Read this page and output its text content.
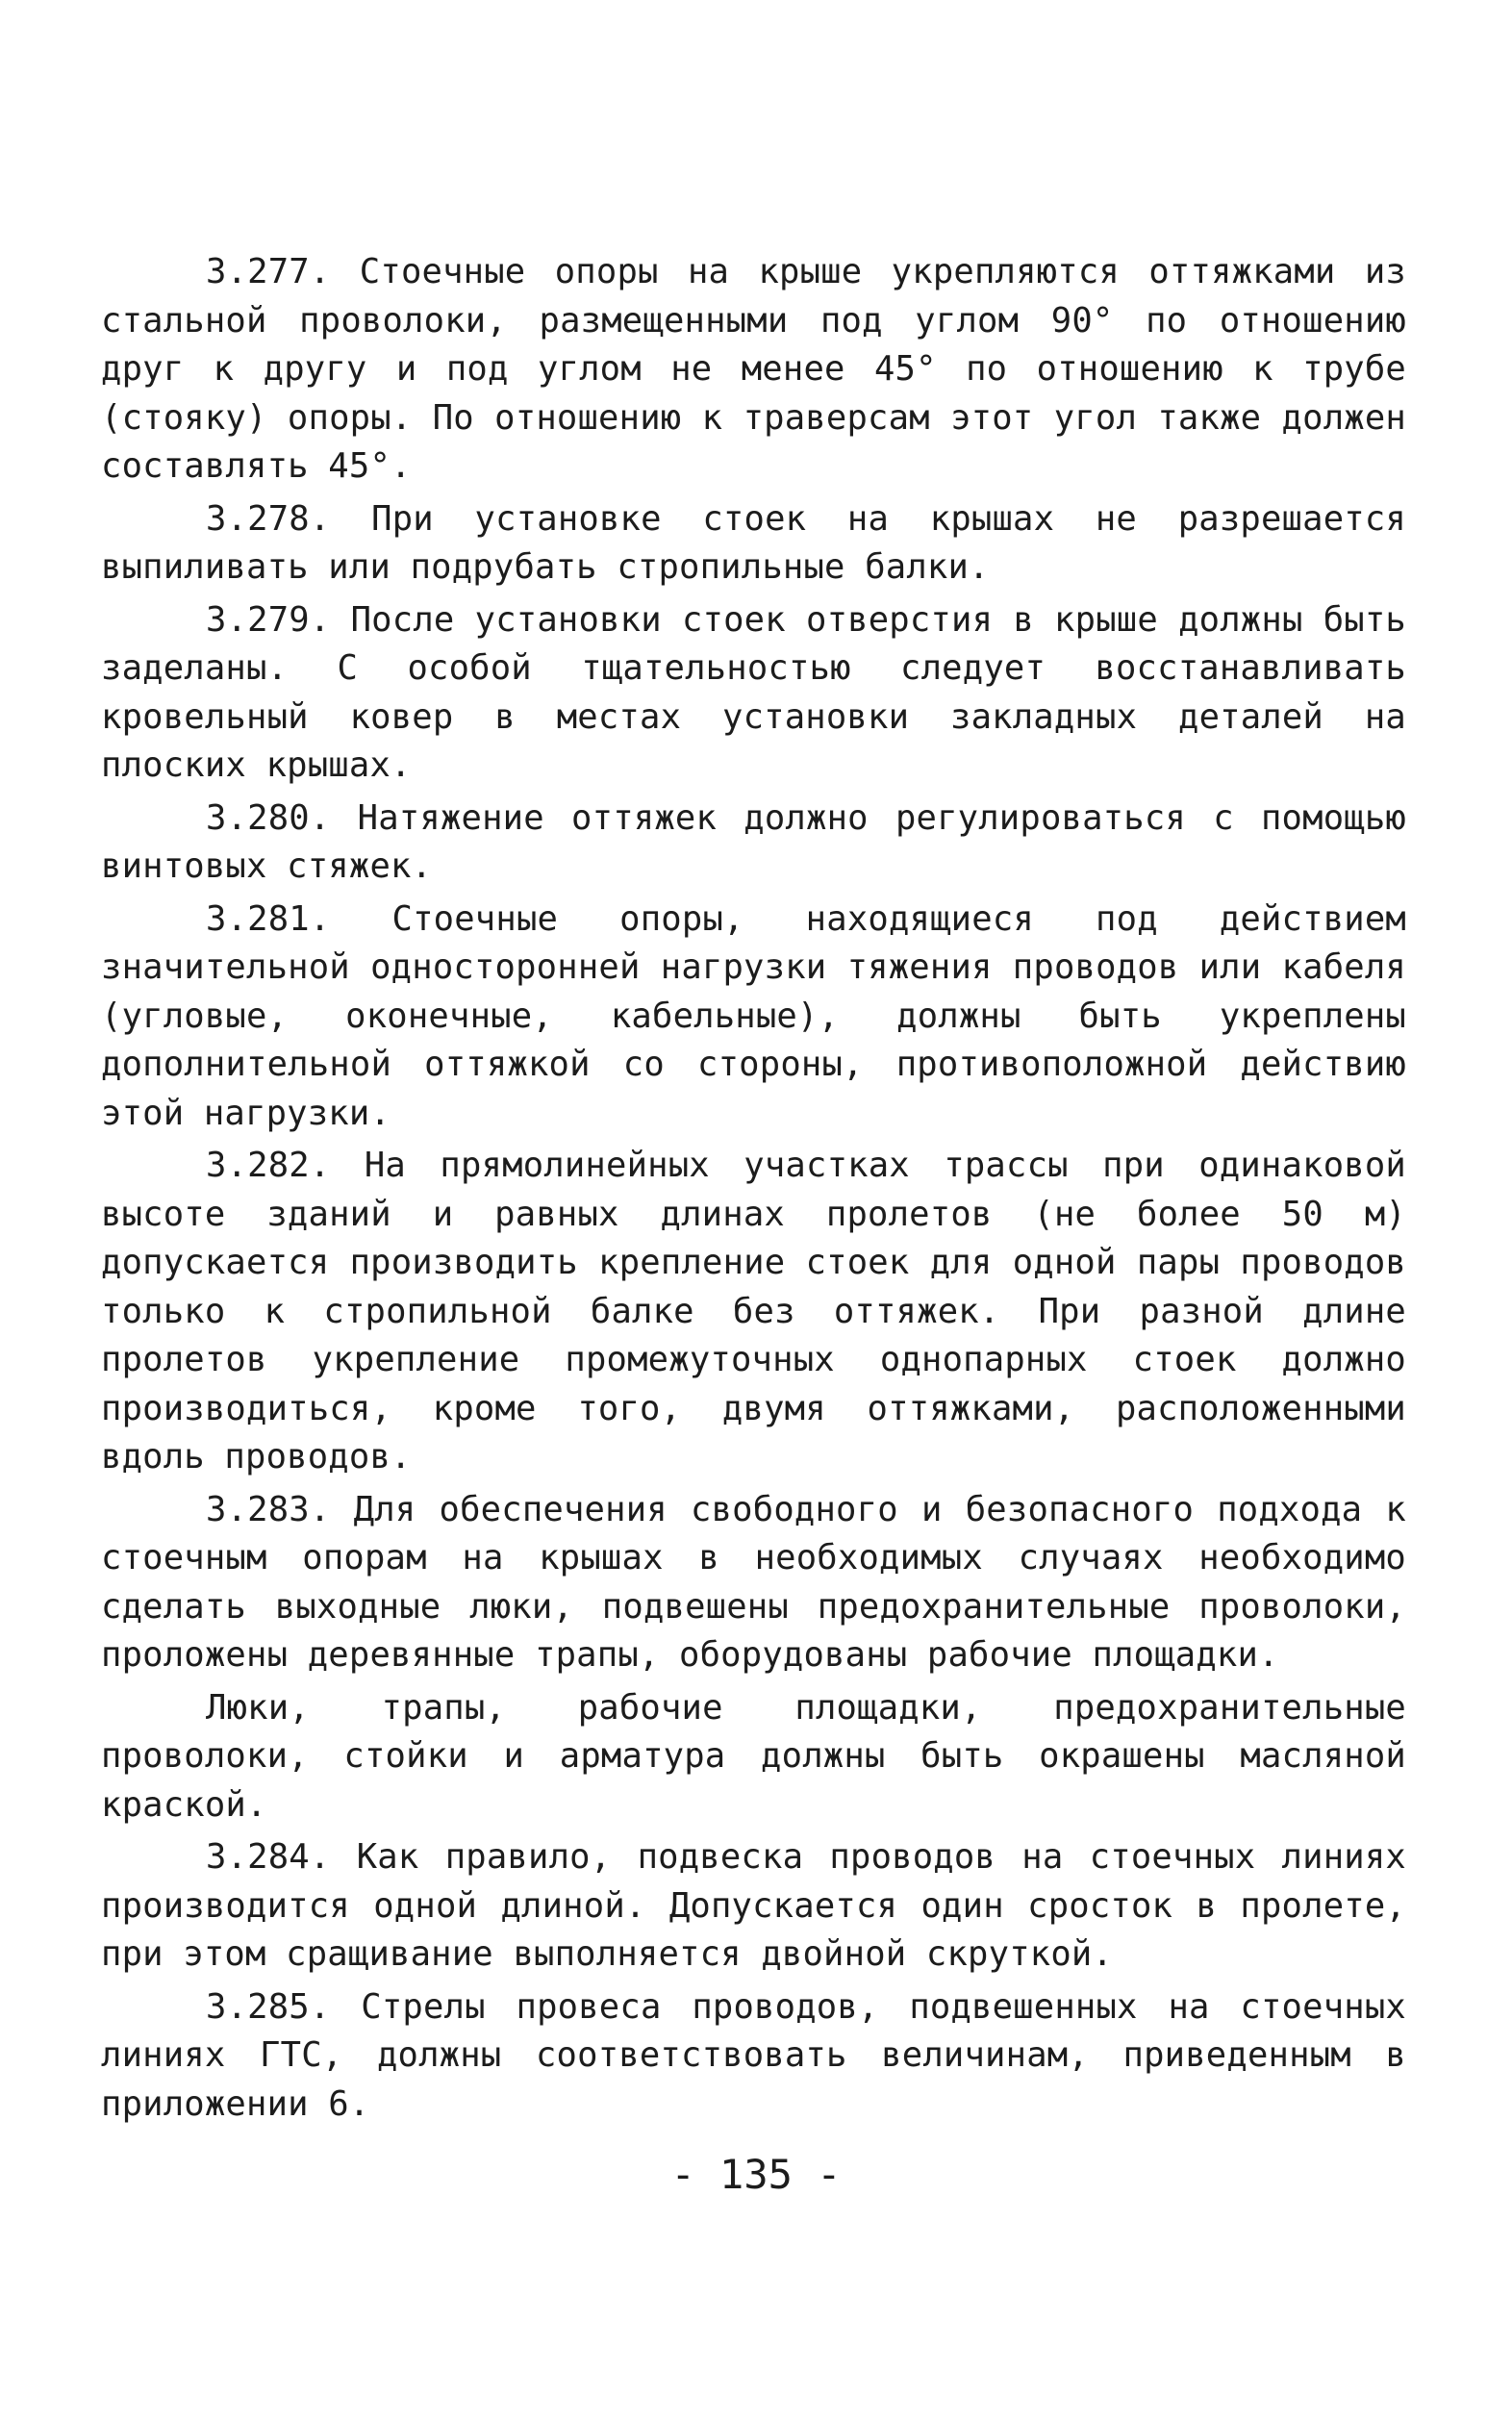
3.277. Стоечные опоры на крыше укрепляются оттяжками из стальной проволоки, размещенными под углом 90° по отношению друг к другу и под углом не менее 45° по отношению к трубе (стояку) опоры. По отношению к траверсам этот угол также должен составлять 45°.

3.278. При установке стоек на крышах не разрешается выпиливать или подрубать стропильные балки.

3.279. После установки стоек отверстия в крыше должны быть заделаны. С особой тщательностью следует восстанавливать кровельный ковер в местах установки закладных деталей на плоских крышах.

3.280. Натяжение оттяжек должно регулироваться с помощью винтовых стяжек.

3.281. Стоечные опоры, находящиеся под действием значительной односторонней нагрузки тяжения проводов или кабеля (угловые, оконечные, кабельные), должны быть укреплены дополнительной оттяжкой со стороны, противоположной действию этой нагрузки.

3.282. На прямолинейных участках трассы при одинаковой высоте зданий и равных длинах пролетов (не более 50 м) допускается производить крепление стоек для одной пары проводов только к стропильной балке без оттяжек. При разной длине пролетов укрепление промежуточных однопарных стоек должно производиться, кроме того, двумя оттяжками, расположенными вдоль проводов.

3.283. Для обеспечения свободного и безопасного подхода к стоечным опорам на крышах в необходимых случаях необходимо сделать выходные люки, подвешены предохранительные проволоки, проложены деревянные трапы, оборудованы рабочие площадки.

Люки, трапы, рабочие площадки, предохранительные проволоки, стойки и арматура должны быть окрашены масляной краской.

3.284. Как правило, подвеска проводов на стоечных линиях производится одной длиной. Допускается один сросток в пролете, при этом сращивание выполняется двойной скруткой.

3.285. Стрелы провеса проводов, подвешенных на стоечных линиях ГТС, должны соответствовать величинам, приведенным в приложении 6.

- 135 -
